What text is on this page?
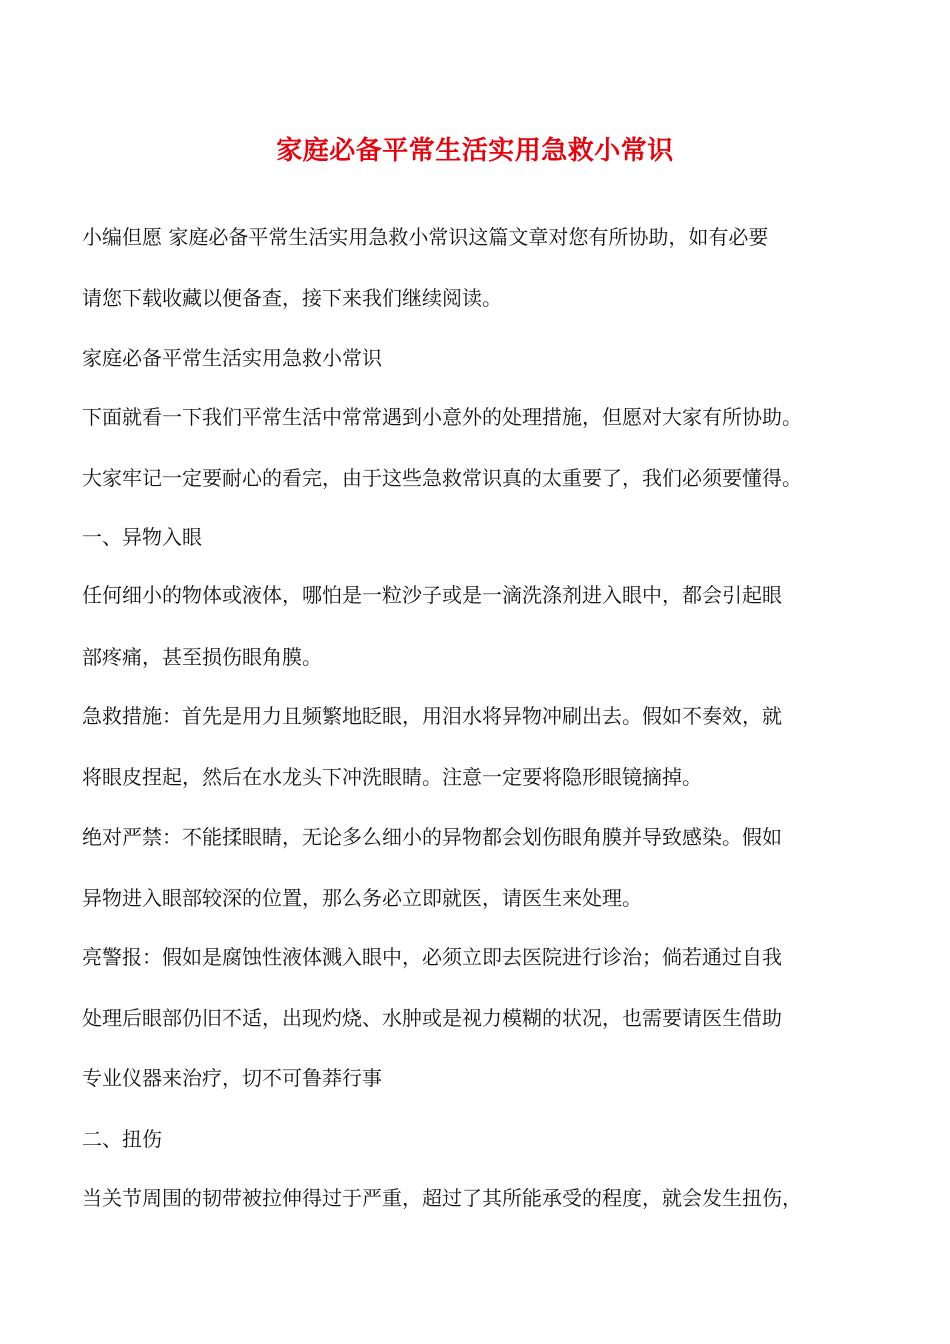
家庭必备平常生活实用急救小常识

小编但愿 家庭必备平常生活实用急救小常识这篇文章对您有所协助，如有必要

请您下载收藏以便备查，接下来我们继续阅读。

家庭必备平常生活实用急救小常识

下面就看一下我们平常生活中常常遇到小意外的处理措施，但愿对大家有所协助。

大家牢记一定要耐心的看完，由于这些急救常识真的太重要了，我们必须要懂得。

一、异物入眼

任何细小的物体或液体，哪怕是一粒沙子或是一滴洗涤剂进入眼中，都会引起眼

部疼痛，甚至损伤眼角膜。

急救措施：首先是用力且频繁地眨眼，用泪水将异物冲刷出去。假如不奏效，就

将眼皮捏起，然后在水龙头下冲洗眼睛。注意一定要将隐形眼镜摘掉。

绝对严禁：不能揉眼睛，无论多么细小的异物都会划伤眼角膜并导致感染。假如

异物进入眼部较深的位置，那么务必立即就医，请医生来处理。

亮警报：假如是腐蚀性液体溅入眼中，必须立即去医院进行诊治；倘若通过自我

处理后眼部仍旧不适，出现灼烧、水肿或是视力模糊的状况，也需要请医生借助

专业仪器来治疗，切不可鲁莽行事

二、扭伤

当关节周围的韧带被拉伸得过于严重，超过了其所能承受的程度，就会发生扭伤，
